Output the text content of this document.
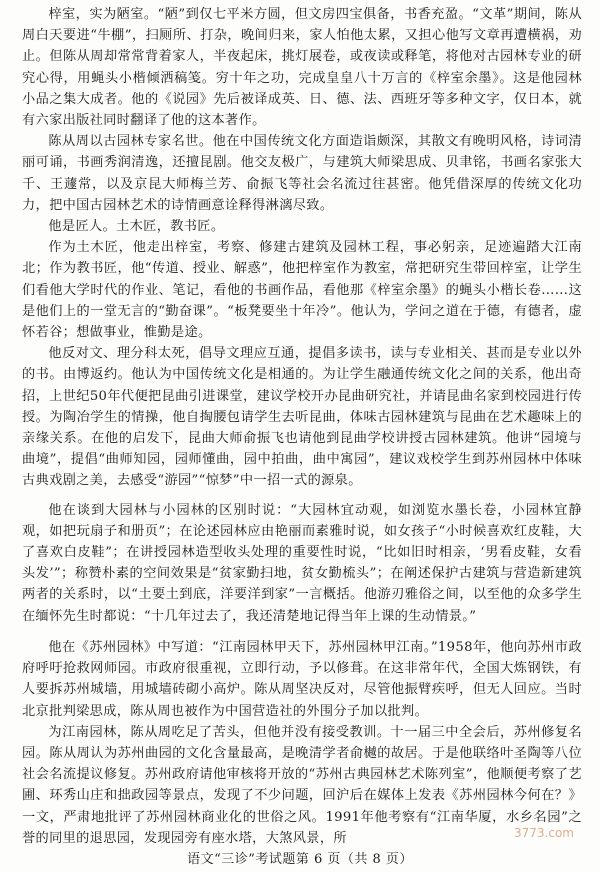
梓室，实为陋室。“陋”到仅七平米方圆，但文房四宝俱备，书香充盈。“文革”期间，陈从周白天要进“牛棚”，扫厕所、打杂，晚间归来，家人怕他太累，又担心他写文章再遭横祸，劝止。但陈从周却常常背着家人，半夜起床，挑灯展卷，或夜读或释笔，将他对古园林专业的研究心得，用蝇头小楷倾洒稿笺。穷十年之功，完成皇皇八十万言的《梓室余墨》。这是他园林小品之集大成者。他的《说园》先后被译成英、日、德、法、西班牙等多种文字，仅日本，就有六家出版社同时翻译了他的这本著作。

陈从周以古园林专家名世。他在中国传统文化方面造诣颇深，其散文有晚明风格，诗词清丽可诵，书画秀润清逸，还擅昆剧。他交友极广，与建筑大师梁思成、贝聿铭，书画名家张大千、王蘧常，以及京昆大师梅兰芳、俞振飞等社会名流过往甚密。他凭借深厚的传统文化功力，把中国古园林艺术的诗情画意诠释得淋漓尽致。

他是匠人。土木匠，教书匠。

作为土木匠，他走出梓室，考察、修建古建筑及园林工程，事必躬亲，足迹遍踏大江南北；作为教书匠，他“传道、授业、解惑”，他把梓室作为教室，常把研究生带回梓室，让学生们看他大学时代的作业、笔记，看他的书画作品，看他那《梓室余墨》的蝇头小楷长卷……这是他们上的一堂无言的“勤奋课”。“板凳要坐十年冷”。他认为，学问之道在于德，有德者，虚怀若谷；想做事业，惟勤是途。

他反对文、理分科太死，倡导文理应互通，提倡多读书，读与专业相关、甚而是专业以外的书。由博返约。他认为中国传统文化是相通的。为让学生融通传统文化之间的关系，他出奇招，上世纪50年代便把昆曲引进课堂，建议学校开办昆曲研究社，并请昆曲名家到校园进行传授。为陶冶学生的情操，他自掏腰包请学生去听昆曲，体味古园林建筑与昆曲在艺术趣味上的亲缘关系。在他的启发下，昆曲大师俞振飞也请他到昆曲学校讲授古园林建筑。他讲“园境与曲境”，提倡“曲师知园，园师懂曲，园中拍曲，曲中寓园”，建议戏校学生到苏州园林中体味古典戏剧之美，去感受“游园”“惊梦”中一招一式的源泉。

他在谈到大园林与小园林的区别时说：“大园林宜动观，如浏览水墨长卷，小园林宜静观，如把玩扇子和册页”；在论述园林应由艳丽而素雅时说，如女孩子“小时候喜欢红皮鞋，大了喜欢白皮鞋”；在讲授园林造型收头处理的重要性时说，“比如旧时相亲，‘男看皮鞋，女看头发’”；称赞朴素的空间效果是“贫家勤扫地，贫女勤梳头”；在阐述保护古建筑与营造新建筑两者的关系时，以“土要土到底，洋要洋到家”一言概括。他游刃雅俗之间，以至他的众多学生在缅怀先生时都说：“十几年过去了，我还清楚地记得当年上课的生动情景。”

他在《苏州园林》中写道：“江南园林甲天下，苏州园林甲江南。”1958年，他向苏州市政府呼吁抢救网师园。市政府很重视，立即行动，予以修葺。在这非常年代，全国大炼钢铁，有人要拆苏州城墙，用城墙砖砌小高炉。陈从周坚决反对，尽管他振臂疾呼，但无人回应。当时北京批判梁思成，陈从周也被作为中国营造社的外围分子加以批判。

为江南园林，陈从周吃足了苦头，但他并没有接受教训。十一届三中全会后，苏州修复名园。陈从周认为苏州曲园的文化含量最高，是晚清学者俞樾的故居。于是他联络叶圣陶等八位社会名流提议修复。苏州政府请他审核将开放的“苏州古典园林艺术陈列室”，他顺便考察了艺圃、环秀山庄和拙政园等景点，发现了不少问题，回沪后在媒体上发表《苏州园林今何在？》一文，严肃地批评了苏州园林商业化的世俗之风。1991年他考察有“江南华厦，水乡名园”之誉的同里的退思园，发现园旁有座水塔，大煞风景，所	3773.com
语文“三诊”考试题第 6 页（共 8 页）
